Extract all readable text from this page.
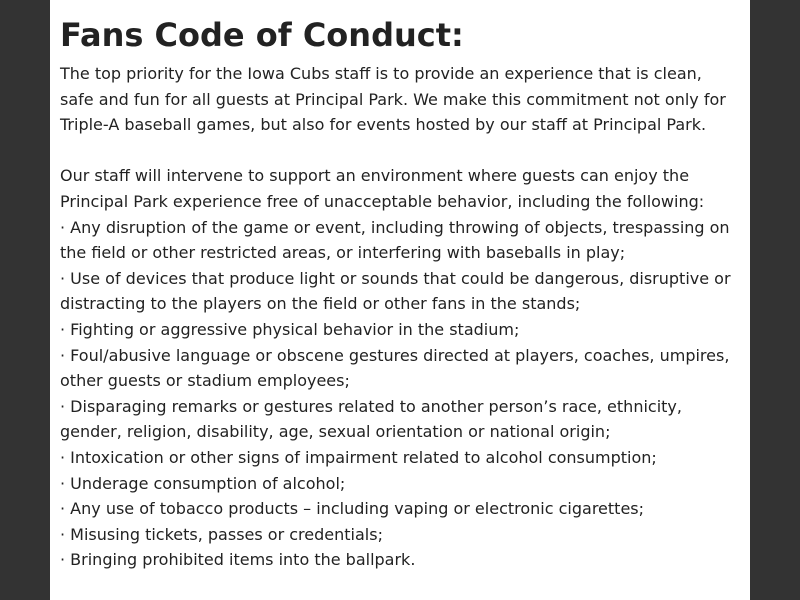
Fans Code of Conduct:

The top priority for the Iowa Cubs staff is to provide an experience that is clean, safe and fun for all guests at Principal Park. We make this commitment not only for Triple-A baseball games, but also for events hosted by our staff at Principal Park.

Our staff will intervene to support an environment where guests can enjoy the Principal Park experience free of unacceptable behavior, including the following:

· Any disruption of the game or event, including throwing of objects, trespassing on the field or other restricted areas, or interfering with baseballs in play;
· Use of devices that produce light or sounds that could be dangerous, disruptive or distracting to the players on the field or other fans in the stands;
· Fighting or aggressive physical behavior in the stadium;
· Foul/abusive language or obscene gestures directed at players, coaches, umpires, other guests or stadium employees;
· Disparaging remarks or gestures related to another person’s race, ethnicity, gender, religion, disability, age, sexual orientation or national origin;
· Intoxication or other signs of impairment related to alcohol consumption;
· Underage consumption of alcohol;
· Any use of tobacco products – including vaping or electronic cigarettes;
· Misusing tickets, passes or credentials;
· Bringing prohibited items into the ballpark.
